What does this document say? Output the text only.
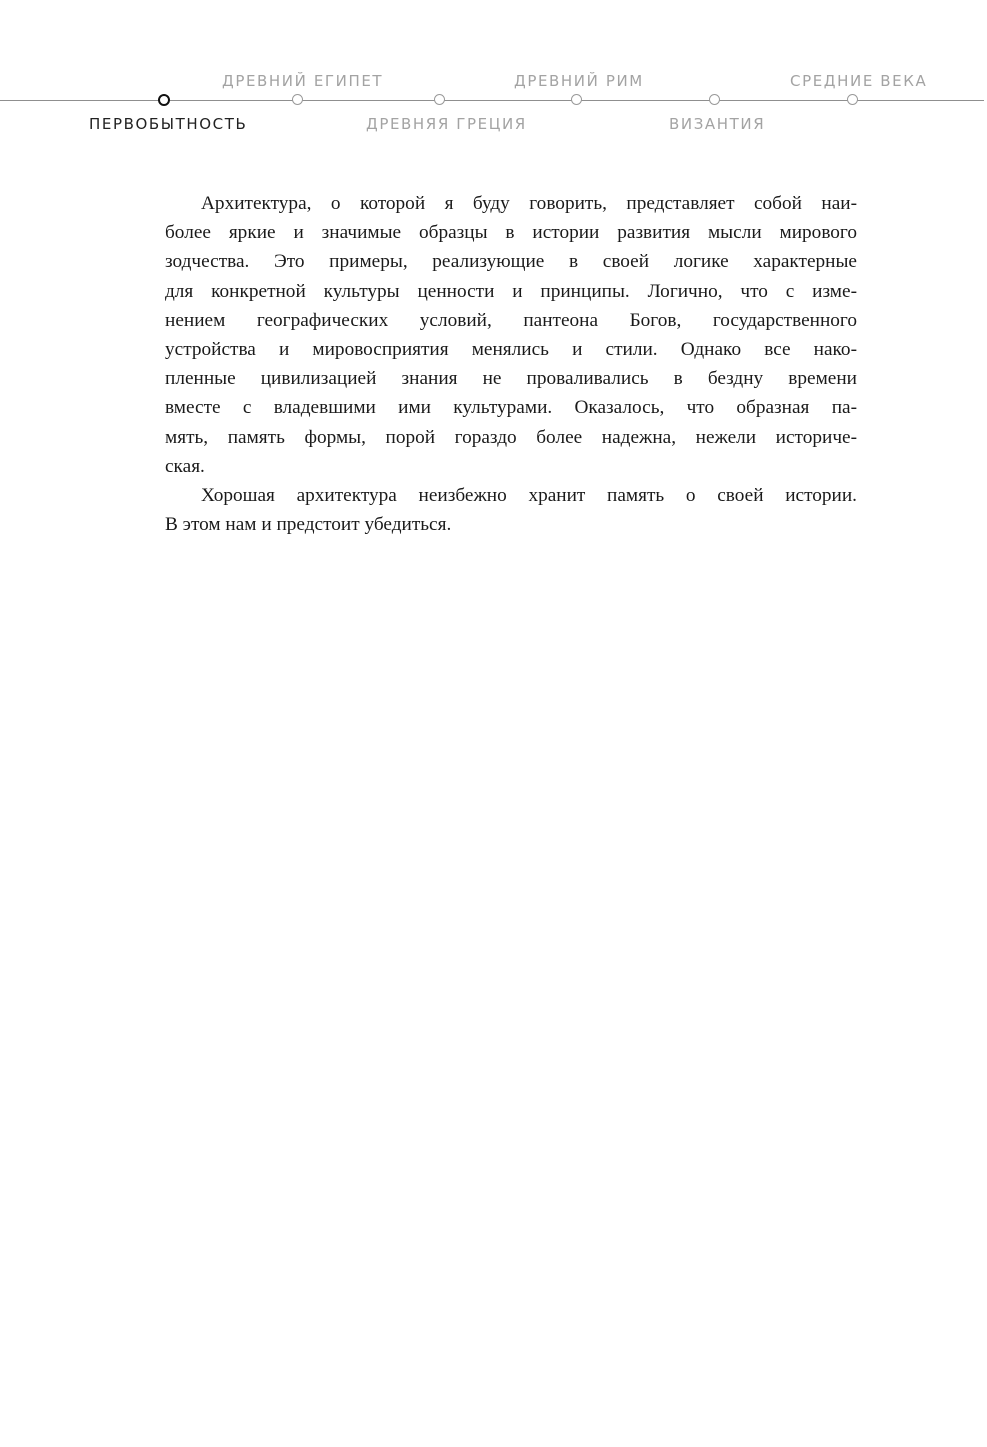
ПЕРВОБЫТНОСТЬ
ДРЕВНИЙ ЕГИПЕТ
ДРЕВНЯЯ ГРЕЦИЯ
ДРЕВНИЙ РИМ
ВИЗАНТИЯ
СРЕДНИЕ ВЕКА

Архитектура, о которой я буду говорить, представляет собой наи-
более яркие и значимые образцы в истории развития мысли мирового
зодчества. Это примеры, реализующие в своей логике характерные
для конкретной культуры ценности и принципы. Логично, что с изме-
нением географических условий, пантеона Богов, государственного
устройства и мировосприятия менялись и стили. Однако все нако-
пленные цивилизацией знания не проваливались в бездну времени
вместе с владевшими ими культурами. Оказалось, что образная па-
мять, память формы, порой гораздо более надежна, нежели историче-
ская.

Хорошая архитектура неизбежно хранит память о своей истории.
В этом нам и предстоит убедиться.
